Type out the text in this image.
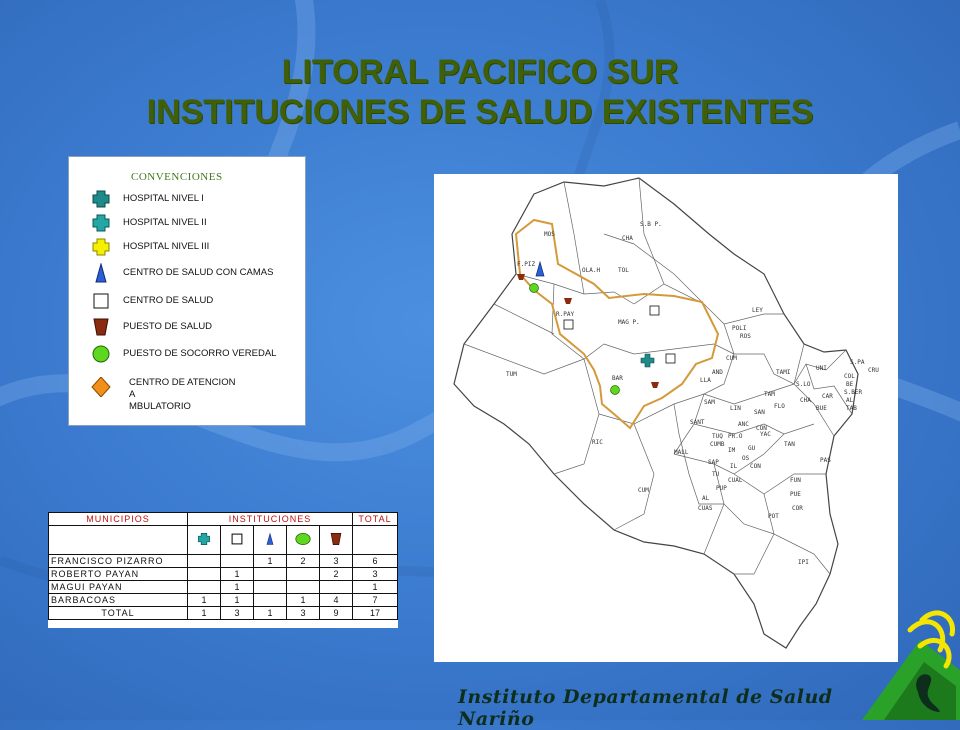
LITORAL PACIFICO SUR
INSTITUCIONES DE SALUD EXISTENTES
CONVENCIONES
HOSPITAL NIVEL I
HOSPITAL NIVEL II
HOSPITAL NIVEL III
CENTRO DE SALUD CON CAMAS
CENTRO DE SALUD
PUESTO DE SALUD
PUESTO DE SOCORRO VEREDAL
CENTRO DE ATENCION
A
MBULATORIO
MUNICIPIOS	INSTITUCIONES					TOTAL

FRANCISCO PIZARRO			1	2	3	6
ROBERTO PAYAN		1			2	3
MAGUI PAYAN		1				1
BARBACOAS	1	1		1	4	7
TOTAL	1	3	1	3	9	17
F.PIZ
MOS
S.B P.
CHA
OLA.H	TOL
R.PAY
MAG P.
POLI
LEY
ROS
TUM
BAR
CUM
AND
LLA
TAMI
UNI
S.PA
CRU
COL
BE
S.BER
AL
TAB
CAR
BUE
S.LO
FLO
SAM
LIN
SAN
CON
YAC
TAN
RIC
SANT
TUQ PR.O
IM
OS
IL
MALL
SAP
PUP
CUAL
CUM
AL
CUAS
FUN
PUE
COR
POT
PAS
IPI
GU
CON
CUMB
ANC
TAM
CHA
TU
Instituto Departamental de Salud Nariño
